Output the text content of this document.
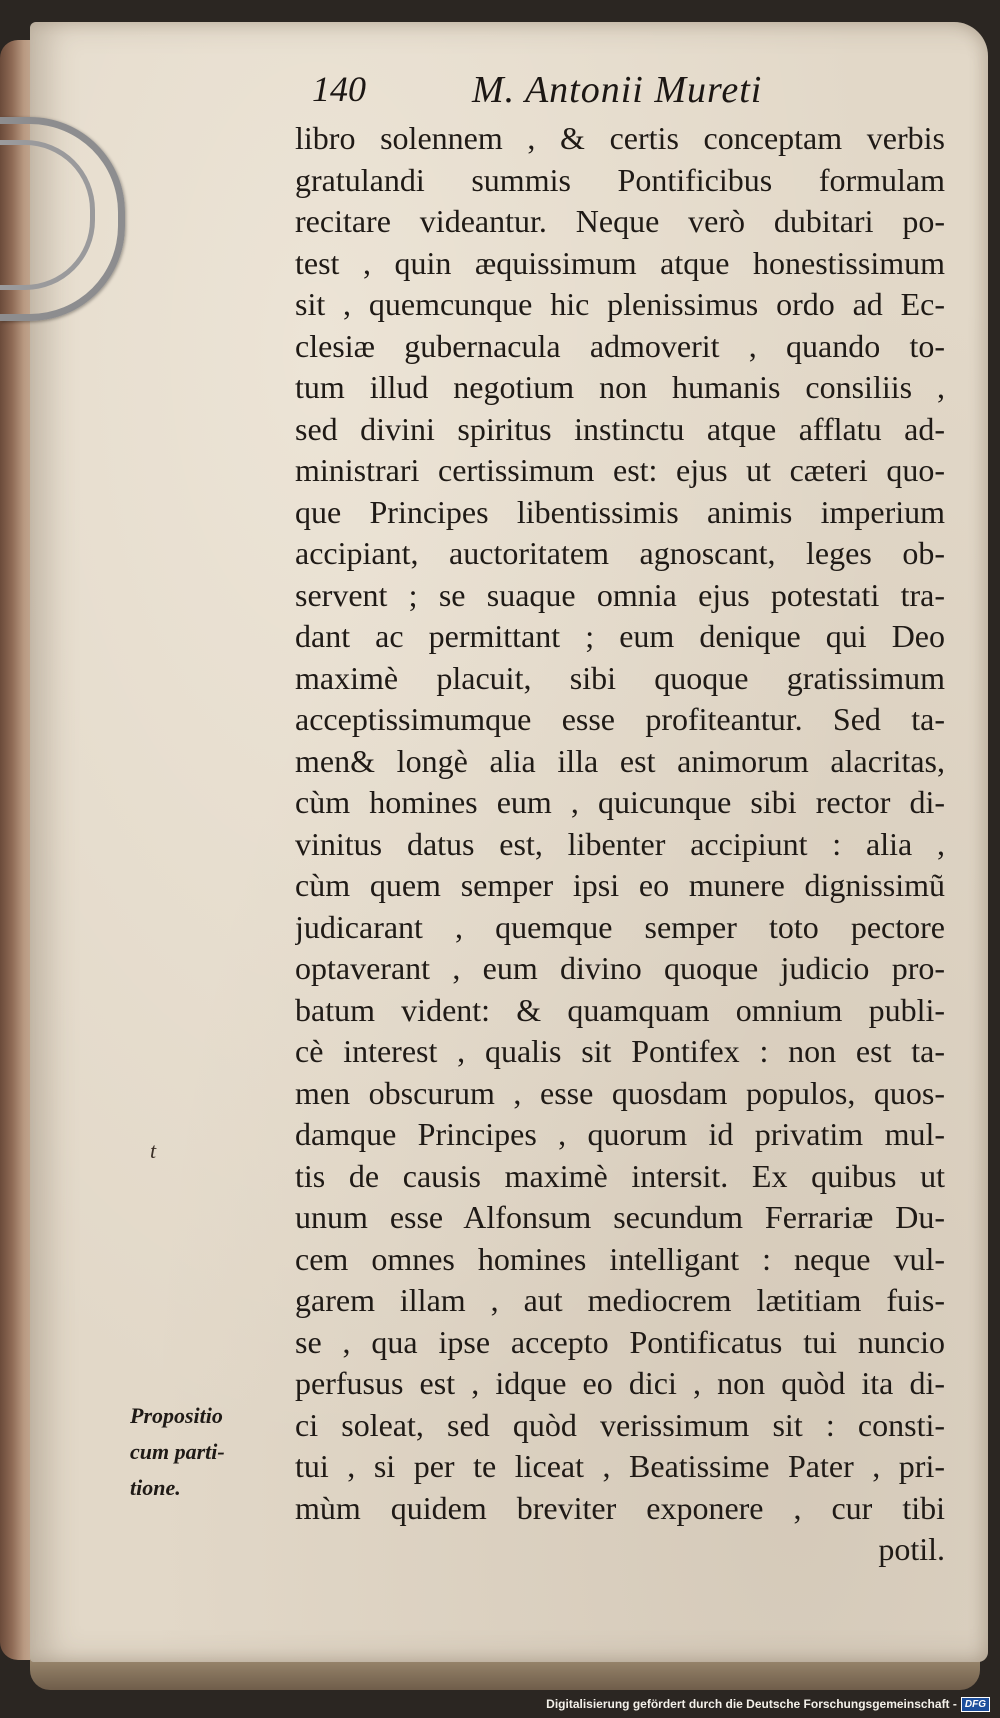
140	M. Antonii Mureti
libro solennem , & certis conceptam verbis
gratulandi summis Pontificibus formulam
recitare videantur. Neque verò dubitari po-
test , quin æquissimum atque honestissimum
sit , quemcunque hic plenissimus ordo ad Ec-
clesiæ gubernacula admoverit , quando to-
tum illud negotium non humanis consiliis ,
sed divini spiritus instinctu atque afflatu ad-
ministrari certissimum est: ejus ut cæteri quo-
que Principes libentissimis animis imperium
accipiant, auctoritatem agnoscant, leges ob-
servent ; se suaque omnia ejus potestati tra-
dant ac permittant ; eum denique qui Deo
maximè placuit, sibi quoque gratissimum
acceptissimumque esse profiteantur. Sed ta-
men& longè alia illa est animorum alacritas,
cùm homines eum , quicunque sibi rector di-
vinitus datus est, libenter accipiunt : alia ,
cùm quem semper ipsi eo munere dignissimũ
judicarant , quemque semper toto pectore
optaverant , eum divino quoque judicio pro-
batum vident: & quamquam omnium publi-
cè interest , qualis sit Pontifex : non est ta-
men obscurum , esse quosdam populos, quos-
damque Principes , quorum id privatim mul-
tis de causis maximè intersit. Ex quibus ut
unum esse Alfonsum secundum Ferrariæ Du-
cem omnes homines intelligant : neque vul-
garem illam , aut mediocrem lætitiam fuis-
se , qua ipse accepto Pontificatus tui nuncio
perfusus est , idque eo dici , non quòd ita di-
ci soleat, sed quòd verissimum sit : consti-
tui , si per te liceat , Beatissime Pater , pri-
mùm quidem breviter exponere , cur tibi
potil.
t
Propositio
cum parti-
tione.
Digitalisierung gefördert durch die Deutsche Forschungsgemeinschaft - DFG
